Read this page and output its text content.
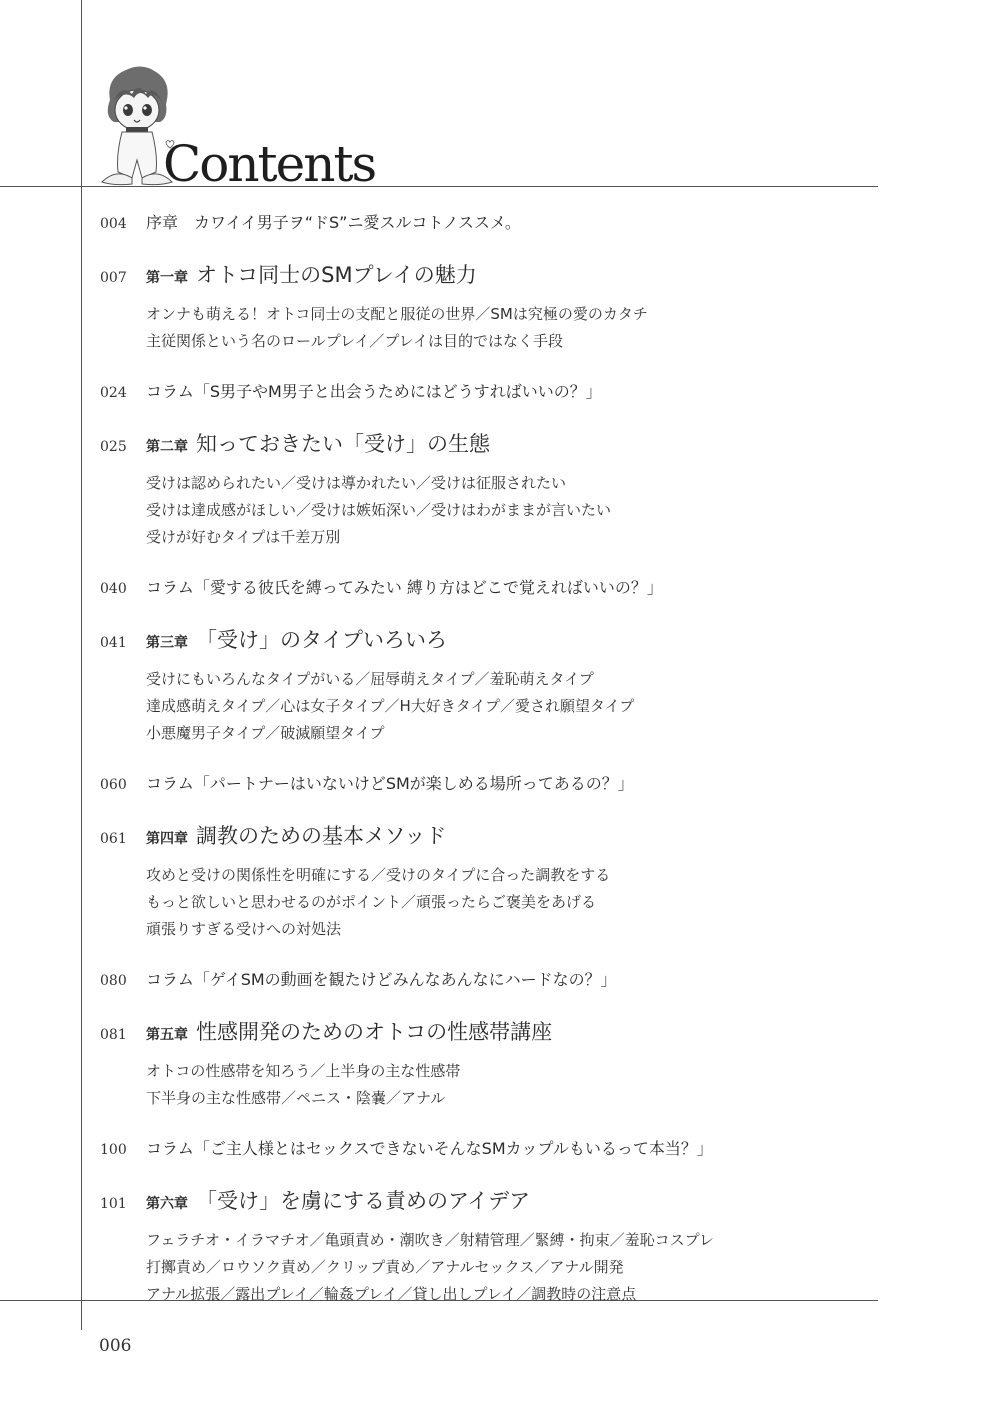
Contents
004	序章　カワイイ男子ヲ“ドS”ニ愛スルコトノススメ。
007	第一章 オトコ同士のSMプレイの魅力
オンナも萌える！オトコ同士の支配と服従の世界／SMは究極の愛のカタチ
主従関係という名のロールプレイ／プレイは目的ではなく手段
024	コラム「S男子やM男子と出会うためにはどうすればいいの？」
025	第二章 知っておきたい「受け」の生態
受けは認められたい／受けは導かれたい／受けは征服されたい
受けは達成感がほしい／受けは嫉妬深い／受けはわがままが言いたい
受けが好むタイプは千差万別
040	コラム「愛する彼氏を縛ってみたい 縛り方はどこで覚えればいいの？」
041	第三章 「受け」のタイプいろいろ
受けにもいろんなタイプがいる／屈辱萌えタイプ／羞恥萌えタイプ
達成感萌えタイプ／心は女子タイプ／H大好きタイプ／愛され願望タイプ
小悪魔男子タイプ／破滅願望タイプ
060	コラム「パートナーはいないけどSMが楽しめる場所ってあるの？」
061	第四章 調教のための基本メソッド
攻めと受けの関係性を明確にする／受けのタイプに合った調教をする
もっと欲しいと思わせるのがポイント／頑張ったらご褒美をあげる
頑張りすぎる受けへの対処法
080	コラム「ゲイSMの動画を観たけどみんなあんなにハードなの？」
081	第五章 性感開発のためのオトコの性感帯講座
オトコの性感帯を知ろう／上半身の主な性感帯
下半身の主な性感帯／ペニス・陰嚢／アナル
100	コラム「ご主人様とはセックスできないそんなSMカップルもいるって本当？」
101	第六章 「受け」を虜にする責めのアイデア
フェラチオ・イラマチオ／亀頭責め・潮吹き／射精管理／緊縛・拘束／羞恥コスプレ
打擲責め／ロウソク責め／クリップ責め／アナルセックス／アナル開発
アナル拡張／露出プレイ／輪姦プレイ／貸し出しプレイ／調教時の注意点
006
